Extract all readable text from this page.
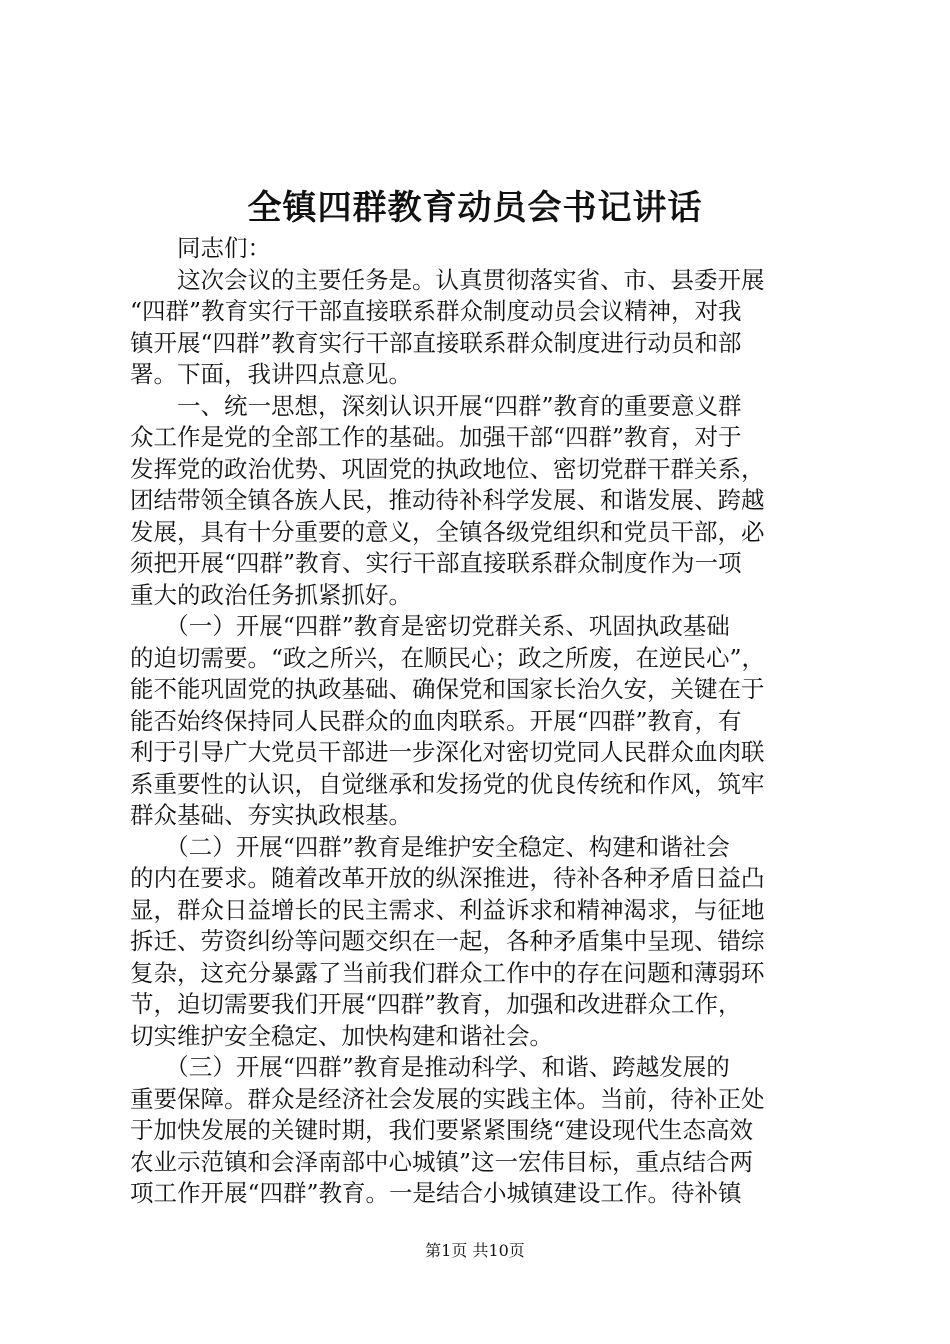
全镇四群教育动员会书记讲话
　　同志们：
　　这次会议的主要任务是。认真贯彻落实省、市、县委开展
“四群”教育实行干部直接联系群众制度动员会议精神，对我
镇开展“四群”教育实行干部直接联系群众制度进行动员和部
署。下面，我讲四点意见。
　　一、统一思想，深刻认识开展“四群”教育的重要意义群
众工作是党的全部工作的基础。加强干部“四群”教育，对于
发挥党的政治优势、巩固党的执政地位、密切党群干群关系，
团结带领全镇各族人民，推动待补科学发展、和谐发展、跨越
发展，具有十分重要的意义，全镇各级党组织和党员干部，必
须把开展“四群”教育、实行干部直接联系群众制度作为一项
重大的政治任务抓紧抓好。
　　（一）开展“四群”教育是密切党群关系、巩固执政基础
的迫切需要。“政之所兴，在顺民心；政之所废，在逆民心”，
能不能巩固党的执政基础、确保党和国家长治久安，关键在于
能否始终保持同人民群众的血肉联系。开展“四群”教育，有
利于引导广大党员干部进一步深化对密切党同人民群众血肉联
系重要性的认识，自觉继承和发扬党的优良传统和作风，筑牢
群众基础、夯实执政根基。
　　（二）开展“四群”教育是维护安全稳定、构建和谐社会
的内在要求。随着改革开放的纵深推进，待补各种矛盾日益凸
显，群众日益增长的民主需求、利益诉求和精神渴求，与征地
拆迁、劳资纠纷等问题交织在一起，各种矛盾集中呈现、错综
复杂，这充分暴露了当前我们群众工作中的存在问题和薄弱环
节，迫切需要我们开展“四群”教育，加强和改进群众工作，
切实维护安全稳定、加快构建和谐社会。
　　（三）开展“四群”教育是推动科学、和谐、跨越发展的
重要保障。群众是经济社会发展的实践主体。当前，待补正处
于加快发展的关键时期，我们要紧紧围绕“建设现代生态高效
农业示范镇和会泽南部中心城镇”这一宏伟目标，重点结合两
项工作开展“四群”教育。一是结合小城镇建设工作。待补镇
第1页 共10页
